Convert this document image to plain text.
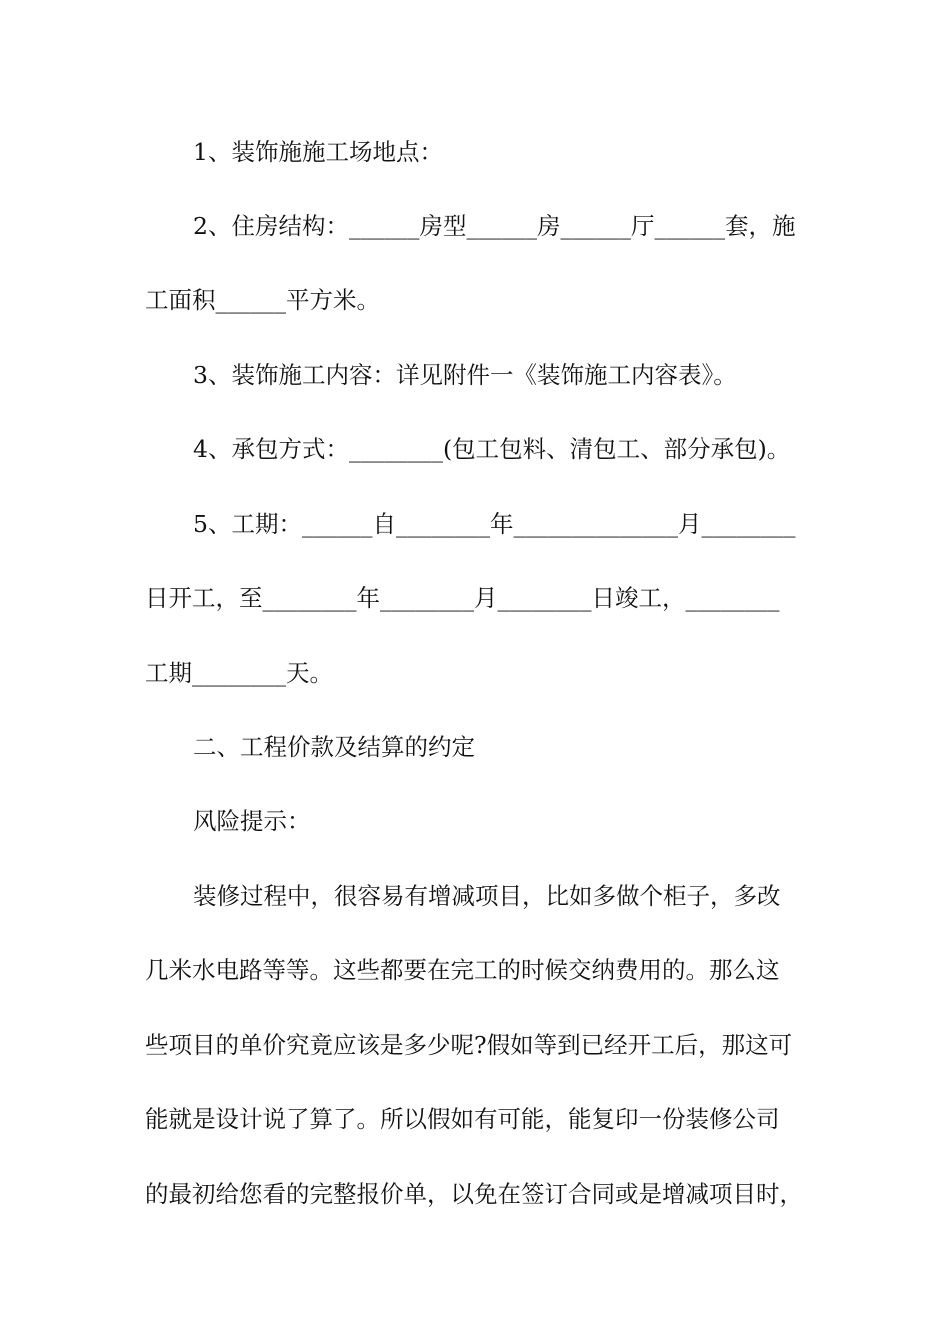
1、装饰施施工场地点：
2、住房结构：______房型______房______厅______套，施
工面积______平方米。
3、装饰施工内容：详见附件一《装饰施工内容表》。
4、承包方式：________(包工包料、清包工、部分承包)。
5、工期：______自________年______________月________
日开工，至________年________月________日竣工，________
工期________天。
二、工程价款及结算的约定
风险提示：
装修过程中，很容易有增减项目，比如多做个柜子，多改
几米水电路等等。这些都要在完工的时候交纳费用的。那么这
些项目的单价究竟应该是多少呢?假如等到已经开工后，那这可
能就是设计说了算了。所以假如有可能，能复印一份装修公司
的最初给您看的完整报价单，以免在签订合同或是增减项目时，
